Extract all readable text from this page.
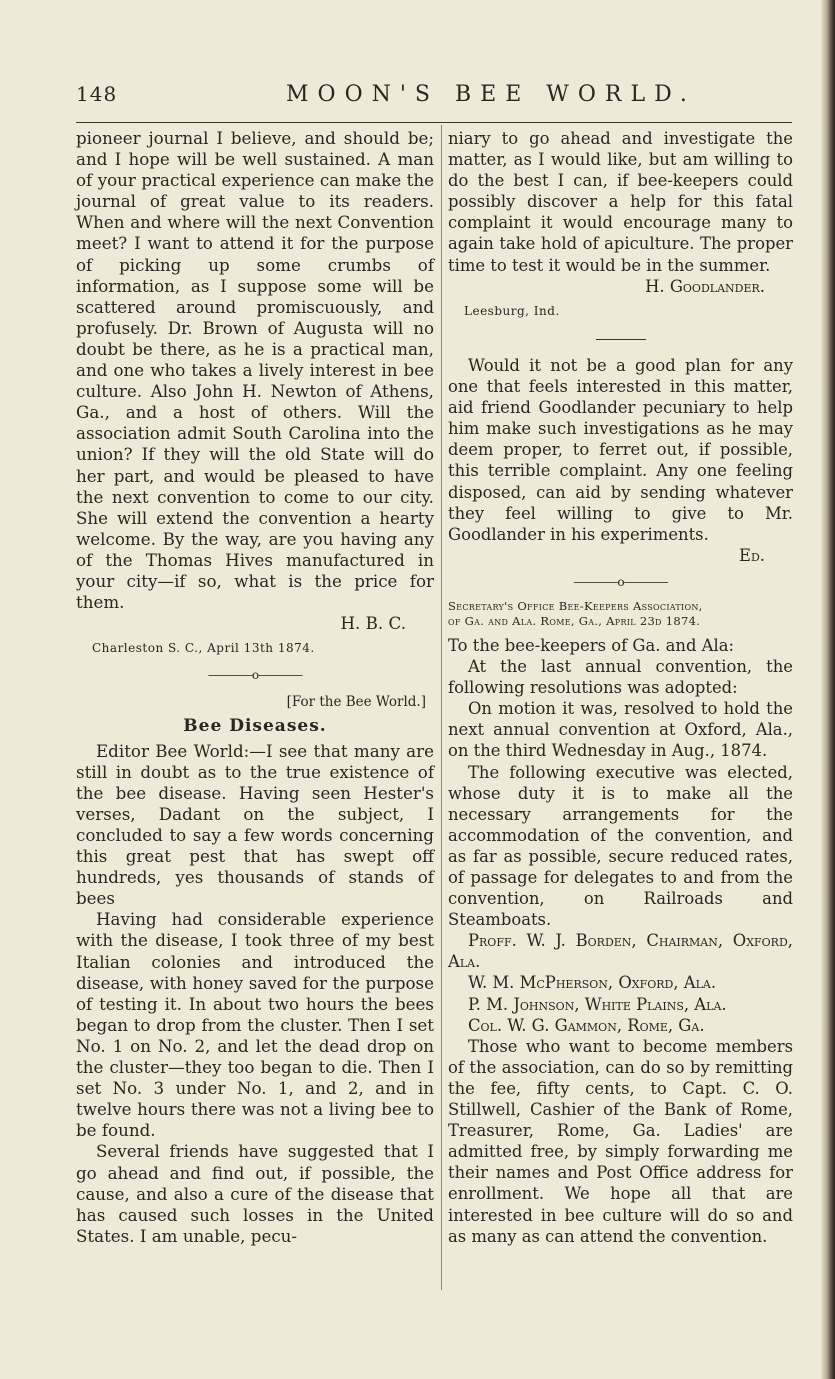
148	MOON'S BEE WORLD.

pioneer journal I believe, and should be; and I hope will be well sustained. A man of your practical experience can make the journal of great value to its readers. When and where will the next Convention meet? I want to attend it for the purpose of picking up some crumbs of information, as I suppose some will be scattered around promiscuously, and profusely. Dr. Brown of Augusta will no doubt be there, as he is a practical man, and one who takes a lively interest in bee culture. Also John H. Newton of Athens, Ga., and a host of others. Will the association admit South Carolina into the union? If they will the old State will do her part, and would be pleased to have the next convention to come to our city. She will extend the convention a hearty welcome. By the way, are you having any of the Thomas Hives manufactured in your city—if so, what is the price for them.

H. B. C.

Charleston S. C., April 13th 1874.

————o————

[For the Bee World.]

Bee Diseases.

Editor Bee World:—I see that many are still in doubt as to the true existence of the bee disease. Having seen Hester's verses, Dadant on the subject, I concluded to say a few words concerning this great pest that has swept off hundreds, yes thousands of stands of bees

Having had considerable experience with the disease, I took three of my best Italian colonies and introduced the disease, with honey saved for the purpose of testing it. In about two hours the bees began to drop from the cluster. Then I set No. 1 on No. 2, and let the dead drop on the cluster—they too began to die. Then I set No. 3 under No. 1, and 2, and in twelve hours there was not a living bee to be found.

Several friends have suggested that I go ahead and find out, if possible, the cause, and also a cure of the disease that has caused such losses in the United States. I am unable, pecu-

niary to go ahead and investigate the matter, as I would like, but am willing to do the best I can, if bee-keepers could possibly discover a help for this fatal complaint it would encourage many to again take hold of apiculture. The proper time to test it would be in the summer.

H. Goodlander.

Leesburg, Ind.

Would it not be a good plan for any one that feels interested in this matter, aid friend Goodlander pecuniary to help him make such investigations as he may deem proper, to ferret out, if possible, this terrible complaint. Any one feeling disposed, can aid by sending whatever they feel willing to give to Mr. Goodlander in his experiments.

Ed.

————o————

Secretary's Office Bee-Keepers Association,
of Ga. and Ala. Rome, Ga., April 23d 1874.

To the bee-keepers of Ga. and Ala:

At the last annual convention, the following resolutions was adopted:

On motion it was, resolved to hold the next annual convention at Oxford, Ala., on the third Wednesday in Aug., 1874.

The following executive was elected, whose duty it is to make all the necessary arrangements for the accommodation of the convention, and as far as possible, secure reduced rates, of passage for delegates to and from the convention, on Railroads and Steamboats.

Proff. W. J. Borden, Chairman, Oxford, Ala.

W. M. McPherson, Oxford, Ala.

P. M. Johnson, White Plains, Ala.

Col. W. G. Gammon, Rome, Ga.

Those who want to become members of the association, can do so by remitting the fee, fifty cents, to Capt. C. O. Stillwell, Cashier of the Bank of Rome, Treasurer, Rome, Ga. Ladies' are admitted free, by simply forwarding me their names and Post Office address for enrollment. We hope all that are interested in bee culture will do so and as many as can attend the convention.
